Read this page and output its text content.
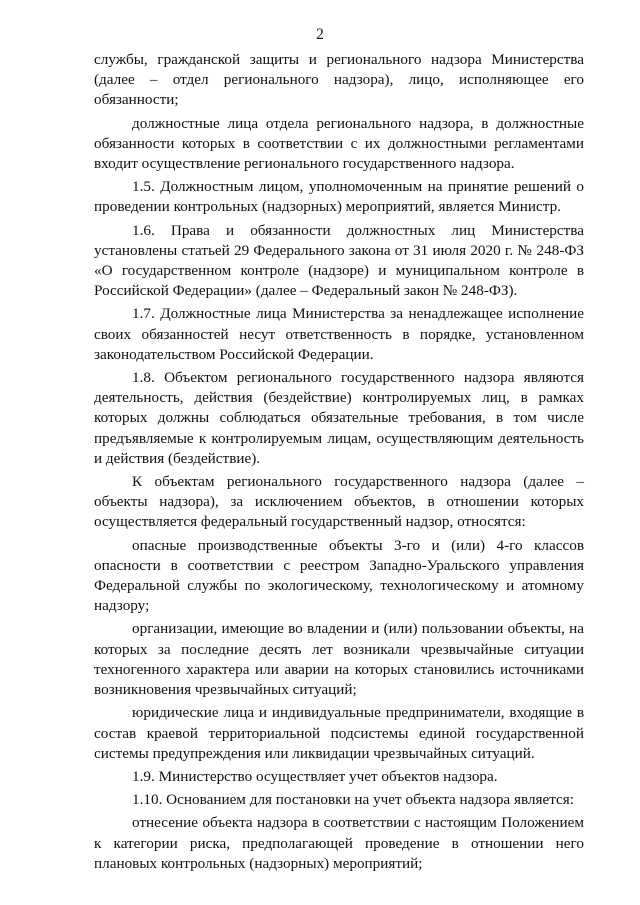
2

службы, гражданской защиты и регионального надзора Министерства (далее – отдел регионального надзора), лицо, исполняющее его обязанности;

должностные лица отдела регионального надзора, в должностные обязанности которых в соответствии с их должностными регламентами входит осуществление регионального государственного надзора.

1.5. Должностным лицом, уполномоченным на принятие решений о проведении контрольных (надзорных) мероприятий, является Министр.

1.6. Права и обязанности должностных лиц Министерства установлены статьей 29 Федерального закона от 31 июля 2020 г. № 248-ФЗ «О государственном контроле (надзоре) и муниципальном контроле в Российской Федерации» (далее – Федеральный закон № 248-ФЗ).

1.7. Должностные лица Министерства за ненадлежащее исполнение своих обязанностей несут ответственность в порядке, установленном законодательством Российской Федерации.

1.8. Объектом регионального государственного надзора являются деятельность, действия (бездействие) контролируемых лиц, в рамках которых должны соблюдаться обязательные требования, в том числе предъявляемые к контролируемым лицам, осуществляющим деятельность и действия (бездействие).

К объектам регионального государственного надзора (далее – объекты надзора), за исключением объектов, в отношении которых осуществляется федеральный государственный надзор, относятся:

опасные производственные объекты 3-го и (или) 4-го классов опасности в соответствии с реестром Западно-Уральского управления Федеральной службы по экологическому, технологическому и атомному надзору;

организации, имеющие во владении и (или) пользовании объекты, на которых за последние десять лет возникали чрезвычайные ситуации техногенного характера или аварии на которых становились источниками возникновения чрезвычайных ситуаций;

юридические лица и индивидуальные предприниматели, входящие в состав краевой территориальной подсистемы единой государственной системы предупреждения или ликвидации чрезвычайных ситуаций.

1.9. Министерство осуществляет учет объектов надзора.

1.10. Основанием для постановки на учет объекта надзора является:

отнесение объекта надзора в соответствии с настоящим Положением к категории риска, предполагающей проведение в отношении него плановых контрольных (надзорных) мероприятий;
